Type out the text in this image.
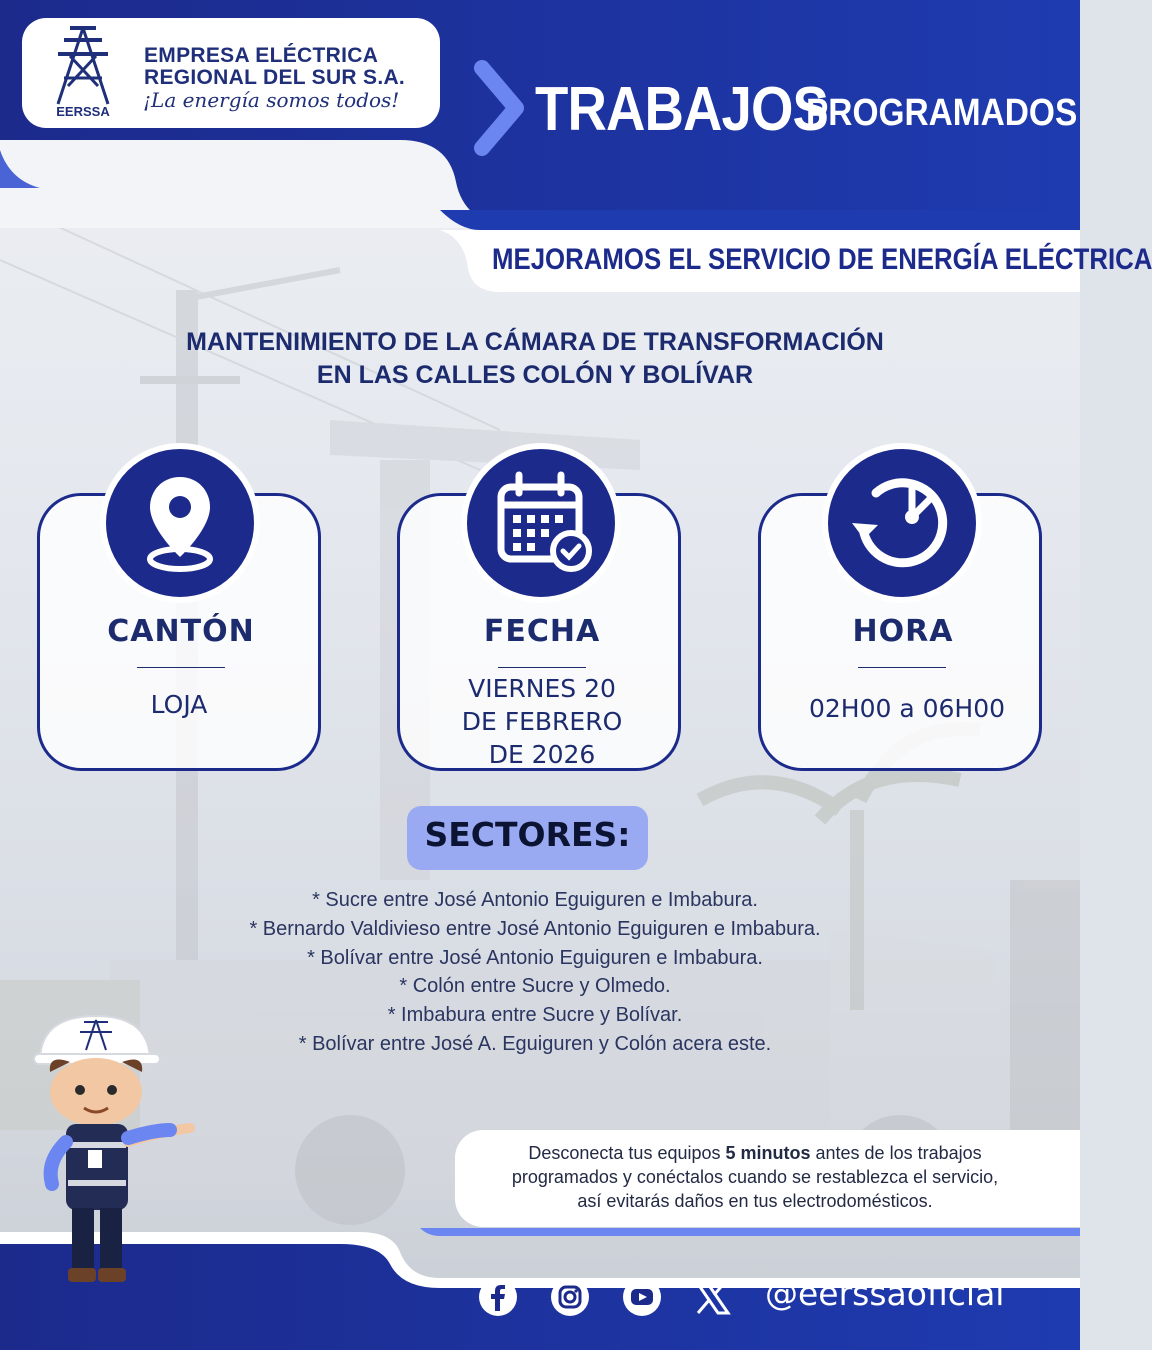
EERSSA
EMPRESA ELÉCTRICA
REGIONAL DEL SUR S.A.
¡La energía somos todos! TRABAJOS
PROGRAMADOS
MEJORAMOS EL SERVICIO DE ENERGÍA ELÉCTRICA
MANTENIMIENTO DE LA CÁMARA DE TRANSFORMACIÓN
EN LAS CALLES COLÓN Y BOLÍVAR
CANTÓN	FECHA	HORA
LOJA
VIERNES 20
DE FEBRERO
DE 2026
02H00 a 06H00
SECTORES:
* Sucre entre José Antonio Eguiguren e Imbabura.
* Bernardo Valdivieso entre José Antonio Eguiguren e Imbabura.
* Bolívar entre José Antonio Eguiguren e Imbabura.
* Colón entre Sucre y Olmedo.
* Imbabura entre Sucre y Bolívar.
* Bolívar entre José A. Eguiguren y Colón acera este.
Desconecta tus equipos 5 minutos antes de los trabajos
programados y conéctalos cuando se restablezca el servicio,
así evitarás daños en tus electrodomésticos.
@eerssaoficial
